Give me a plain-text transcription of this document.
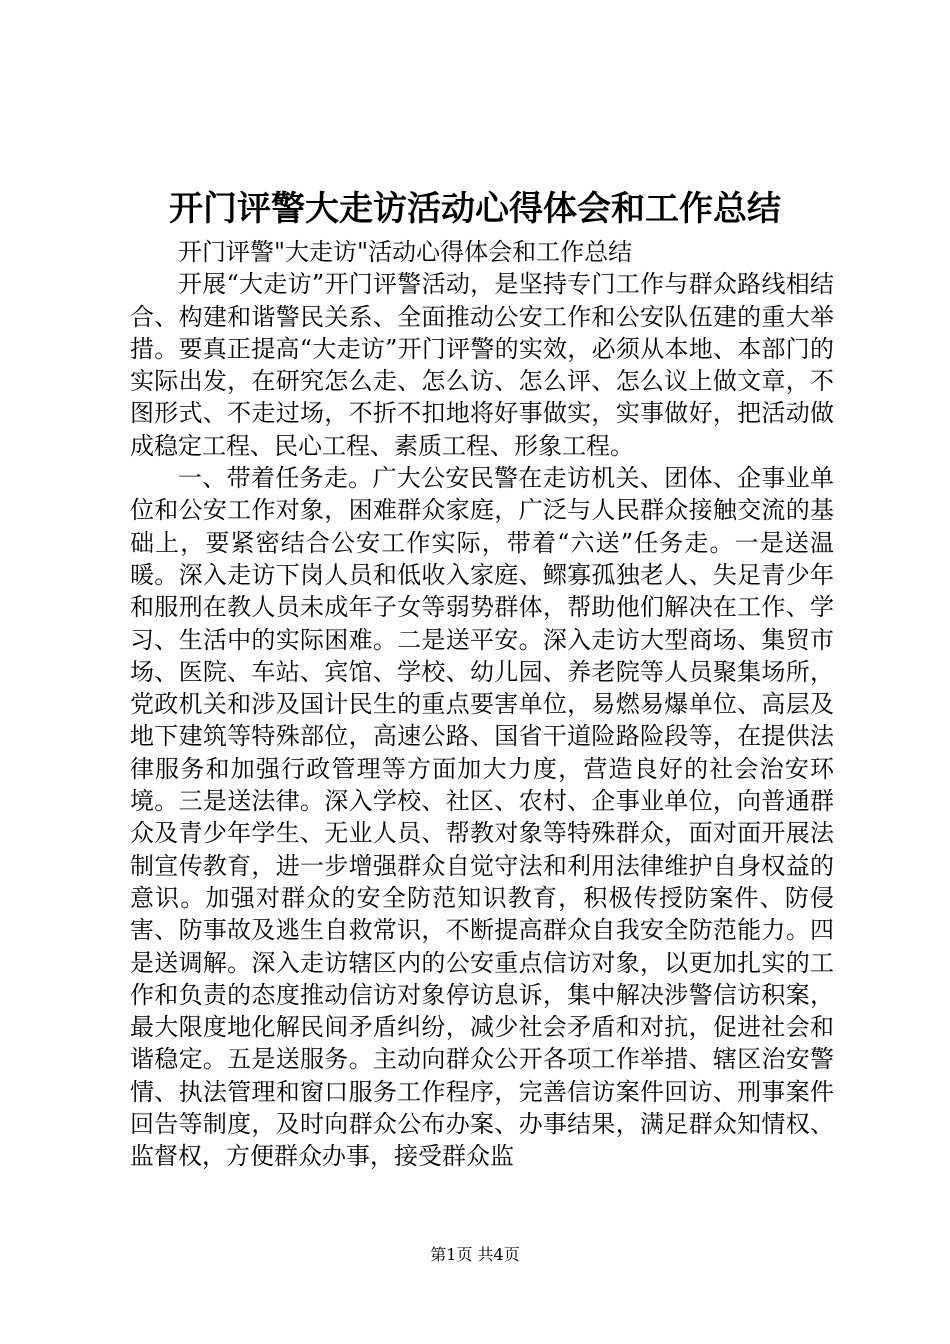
开门评警大走访活动心得体会和工作总结

开门评警"大走访"活动心得体会和工作总结

开展“大走访”开门评警活动，是坚持专门工作与群众路线相结合、构建和谐警民关系、全面推动公安工作和公安队伍建的重大举措。要真正提高“大走访”开门评警的实效，必须从本地、本部门的实际出发，在研究怎么走、怎么访、怎么评、怎么议上做文章，不图形式、不走过场，不折不扣地将好事做实，实事做好，把活动做成稳定工程、民心工程、素质工程、形象工程。

一、带着任务走。广大公安民警在走访机关、团体、企事业单位和公安工作对象，困难群众家庭，广泛与人民群众接触交流的基础上，要紧密结合公安工作实际，带着“六送”任务走。一是送温暖。深入走访下岗人员和低收入家庭、鳏寡孤独老人、失足青少年和服刑在教人员未成年子女等弱势群体，帮助他们解决在工作、学习、生活中的实际困难。二是送平安。深入走访大型商场、集贸市场、医院、车站、宾馆、学校、幼儿园、养老院等人员聚集场所，党政机关和涉及国计民生的重点要害单位，易燃易爆单位、高层及地下建筑等特殊部位，高速公路、国省干道险路险段等，在提供法律服务和加强行政管理等方面加大力度，营造良好的社会治安环境。三是送法律。深入学校、社区、农村、企事业单位，向普通群众及青少年学生、无业人员、帮教对象等特殊群众，面对面开展法制宣传教育，进一步增强群众自觉守法和利用法律维护自身权益的意识。加强对群众的安全防范知识教育，积极传授防案件、防侵害、防事故及逃生自救常识，不断提高群众自我安全防范能力。四是送调解。深入走访辖区内的公安重点信访对象，以更加扎实的工作和负责的态度推动信访对象停访息诉，集中解决涉警信访积案，最大限度地化解民间矛盾纠纷，减少社会矛盾和对抗，促进社会和谐稳定。五是送服务。主动向群众公开各项工作举措、辖区治安警情、执法管理和窗口服务工作程序，完善信访案件回访、刑事案件回告等制度，及时向群众公布办案、办事结果，满足群众知情权、监督权，方便群众办事，接受群众监

第1页 共4页
